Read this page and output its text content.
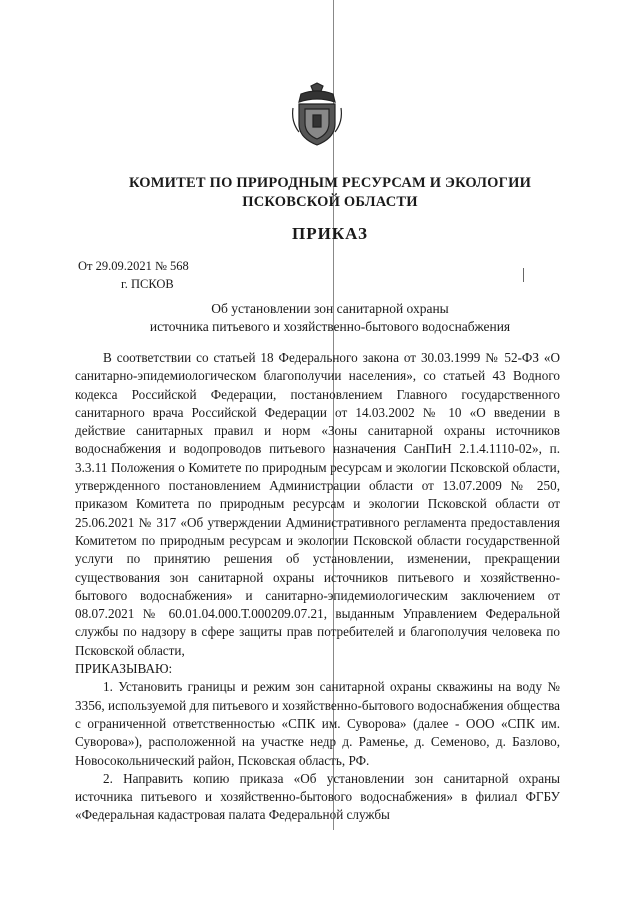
КОМИТЕТ ПО ПРИРОДНЫМ РЕСУРСАМ И ЭКОЛОГИИ
ПСКОВСКОЙ ОБЛАСТИ
ПРИКАЗ
От 29.09.2021 № 568
г. ПСКОВ
Об установлении зон санитарной охраны
источника питьевого и хозяйственно-бытового водоснабжения

В соответствии со статьей 18 Федерального закона от 30.03.1999 № 52-ФЗ «О санитарно-эпидемиологическом благополучии населения», со статьей 43 Водного кодекса Российской Федерации, постановлением Главного государственного санитарного врача Российской Федерации от 14.03.2002 № 10 «О введении в действие санитарных правил и норм «Зоны санитарной охраны источников водоснабжения и водопроводов питьевого назначения СанПиН 2.1.4.1110-02», п. 3.3.11 Положения о Комитете по природным ресурсам и экологии Псковской области, утвержденного постановлением Администрации области от 13.07.2009 № 250, приказом Комитета по природным ресурсам и экологии Псковской области от 25.06.2021 № 317 «Об утверждении Административного регламента предоставления Комитетом по природным ресурсам и экологии Псковской области государственной услуги по принятию решения об установлении, изменении, прекращении существования зон санитарной охраны источников питьевого и хозяйственно-бытового водоснабжения» и санитарно-эпидемиологическим заключением от 08.07.2021 № 60.01.04.000.Т.000209.07.21, выданным Управлением Федеральной службы по надзору в сфере защиты прав потребителей и благополучия человека по Псковской области,

ПРИКАЗЫВАЮ:

1. Установить границы и режим зон санитарной охраны скважины на воду № 3356, используемой для питьевого и хозяйственно-бытового водоснабжения общества с ограниченной ответственностью «СПК им. Суворова» (далее - ООО «СПК им. Суворова»), расположенной на участке недр д. Раменье, д. Семеново, д. Базлово, Новосокольнический район, Псковская область, РФ.

2. Направить копию приказа «Об установлении зон санитарной охраны источника питьевого и хозяйственно-бытового водоснабжения» в филиал ФГБУ «Федеральная кадастровая палата Федеральной службы
